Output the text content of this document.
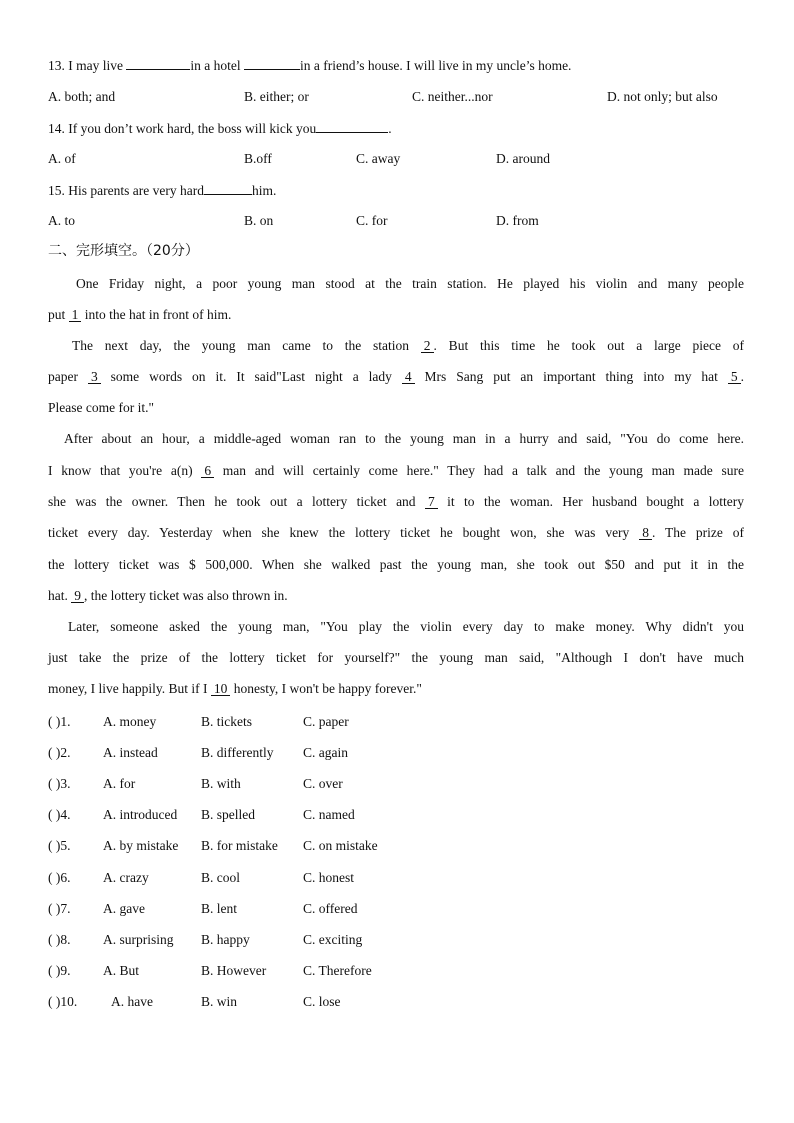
13. I may live	in a hotel	in a friend’s house. I will live in my uncle’s home.
A. both; and	B. either; or	C. neither...nor	D. not only; but also
14. If you don’t work hard, the boss will kick you	.
A. of	B.off	C. away	D. around
15. His parents are very hard	him.
A. to	B. on	C. for	D. from
二、完形填空。（20分）
One Friday night, a poor young man stood at the train station. He played his violin and many people
put 1 into the hat in front of him.
The next day, the young man came to the station 2 . But this time he took out a large piece of
paper 3 some words on it. It said"Last night a lady 4 Mrs Sang put an important thing into my hat 5 .
Please come for it."
After about an hour, a middle-aged woman ran to the young man in a hurry and said, "You do come here.
I know that you're a(n) 6 man and will certainly come here." They had a talk and the young man made sure
she was the owner. Then he took out a lottery ticket and 7 it to the woman. Her husband bought a lottery
ticket every day. Yesterday when she knew the lottery ticket he bought won, she was very 8 . The prize of
the lottery ticket was $ 500,000. When she walked past the young man, she took out $50 and put it in the
hat. 9 , the lottery ticket was also thrown in.
Later, someone asked the young man, "You play the violin every day to make money. Why didn't you
just take the prize of the lottery ticket for yourself?" the young man said, "Although I don't have much
money, I live happily. But if I 10 honesty, I won't be happy forever."
( )1. A. money	B. tickets	C. paper
( )2. A. instead	B. differently C. again
( )3. A. for	B. with	C. over
( )4. A. introduced B. spelled	C. named
( )5. A. by mistake B. for mistake C. on mistake
( )6. A. crazy	B. cool	C. honest
( )7. A. gave	B. lent	C. offered
( )8. A. surprising B. happy	C. exciting
( )9. A. But	B. However	C. Therefore
( )10.	A. have	B. win	C. lose
